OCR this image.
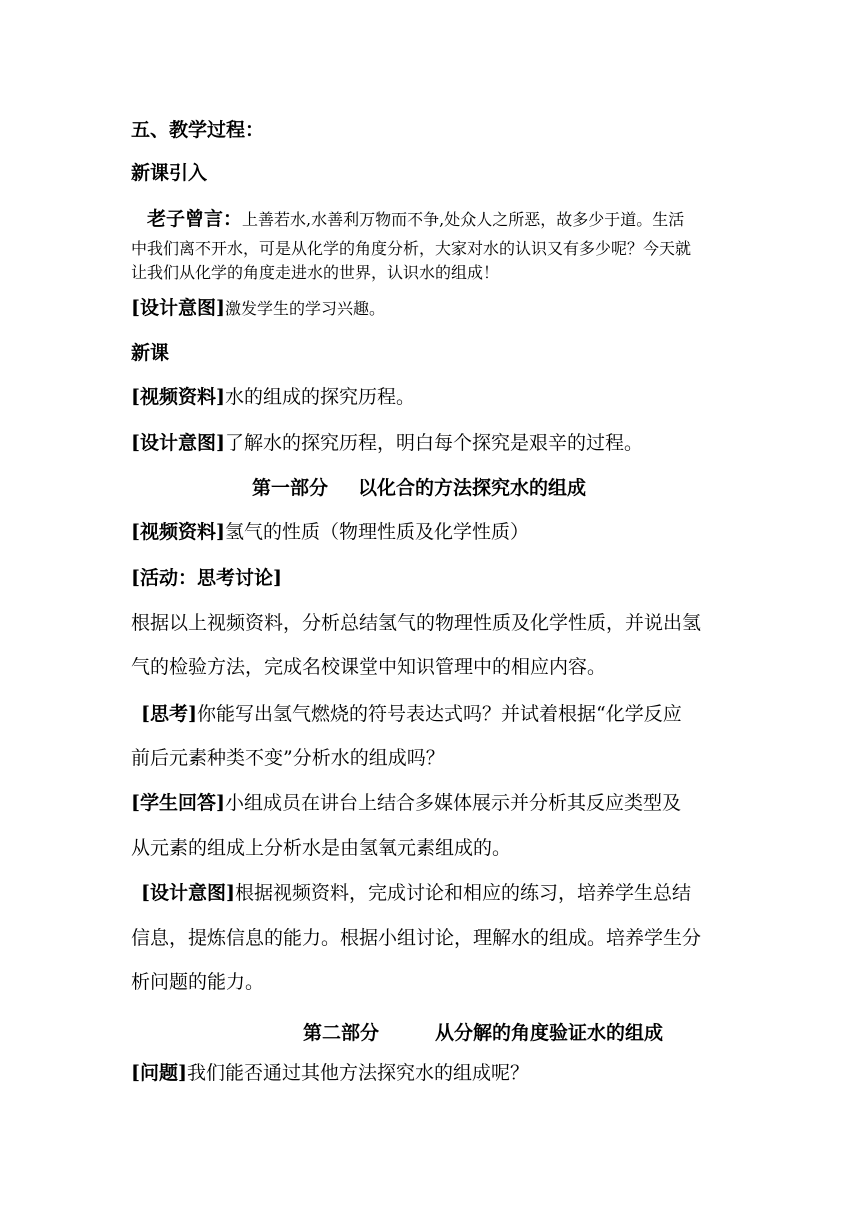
五、教学过程：
新课引入
老子曾言：上善若水,水善利万物而不争,处众人之所恶，故多少于道。生活
中我们离不开水，可是从化学的角度分析，大家对水的认识又有多少呢？今天就
让我们从化学的角度走进水的世界，认识水的组成！
[设计意图]激发学生的学习兴趣。
新课
[视频资料]水的组成的探究历程。
[设计意图]了解水的探究历程，明白每个探究是艰辛的过程。
第一部分 以化合的方法探究水的组成
[视频资料]氢气的性质（物理性质及化学性质）
[活动：思考讨论]
根据以上视频资料，分析总结氢气的物理性质及化学性质，并说出氢
气的检验方法，完成名校课堂中知识管理中的相应内容。
[思考]你能写出氢气燃烧的符号表达式吗？并试着根据“化学反应
前后元素种类不变”分析水的组成吗？
[学生回答]小组成员在讲台上结合多媒体展示并分析其反应类型及
从元素的组成上分析水是由氢氧元素组成的。
[设计意图]根据视频资料，完成讨论和相应的练习，培养学生总结
信息，提炼信息的能力。根据小组讨论，理解水的组成。培养学生分
析问题的能力。
第二部分	从分解的角度验证水的组成
[问题]我们能否通过其他方法探究水的组成呢？
